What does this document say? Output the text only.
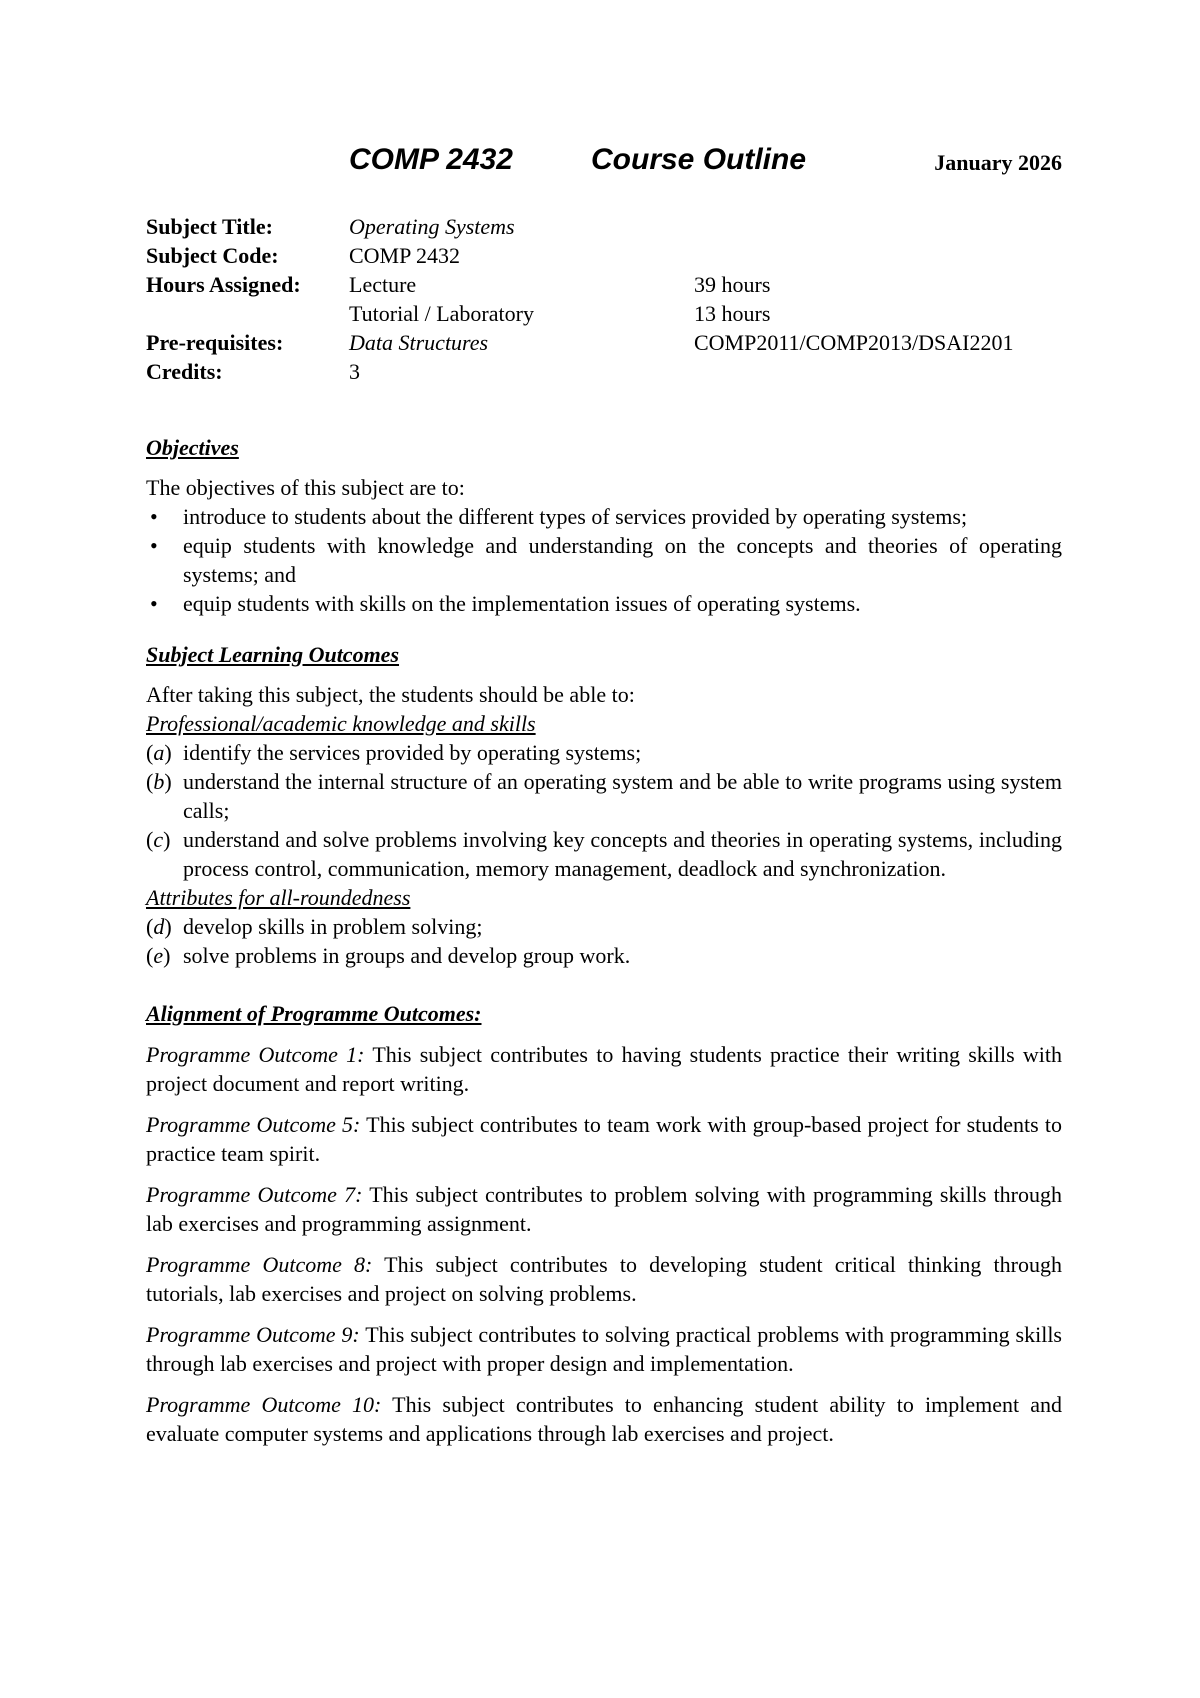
COMP 2432	Course Outline	January 2026
Subject Title:	Operating Systems	
Subject Code:	COMP 2432	
Hours Assigned:	Lecture	39 hours
	Tutorial / Laboratory	13 hours
Pre-requisites:	Data Structures	COMP2011/COMP2013/DSAI2201
Credits:	3	
Objectives
The objectives of this subject are to:
• introduce to students about the different types of services provided by operating systems;
• equip students with knowledge and understanding on the concepts and theories of operating systems; and
• equip students with skills on the implementation issues of operating systems.
Subject Learning Outcomes
After taking this subject, the students should be able to:
Professional/academic knowledge and skills
(a) identify the services provided by operating systems;
(b) understand the internal structure of an operating system and be able to write programs using system calls;
(c) understand and solve problems involving key concepts and theories in operating systems, including process control, communication, memory management, deadlock and synchronization.
Attributes for all-roundedness
(d) develop skills in problem solving;
(e) solve problems in groups and develop group work.
Alignment of Programme Outcomes:

Programme Outcome 1: This subject contributes to having students practice their writing skills with project document and report writing.

Programme Outcome 5: This subject contributes to team work with group-based project for students to practice team spirit.

Programme Outcome 7: This subject contributes to problem solving with programming skills through lab exercises and programming assignment.

Programme Outcome 8: This subject contributes to developing student critical thinking through tutorials, lab exercises and project on solving problems.

Programme Outcome 9: This subject contributes to solving practical problems with programming skills through lab exercises and project with proper design and implementation.

Programme Outcome 10: This subject contributes to enhancing student ability to implement and evaluate computer systems and applications through lab exercises and project.
